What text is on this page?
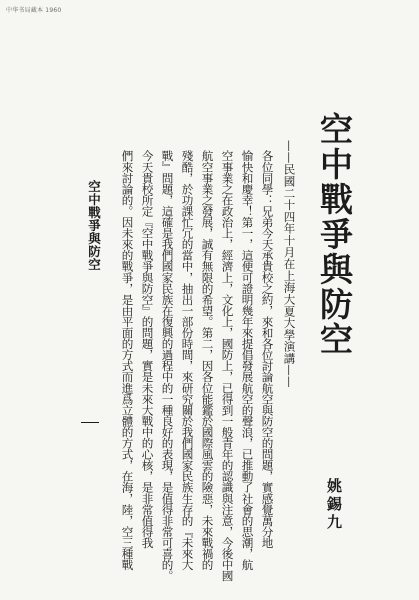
中华书局藏本 1960
空中戰爭與防空
——民國二十四年十月在上海大夏大學演講——
姚錫九
各位同學：兄弟今天承貴校之約，來和各位討論航空與防空的問題，實感覺萬分地
愉快和慶幸！第一，這便可證明幾年來提倡發展航空的聲浪，已推動了社會的思潮，航
空事業之在政治上，經濟上，文化上，國防上，已得到一般青年的認識與注意，今後中國
航空事業之發展，誠有無限的希望。第二，因各位能鑑於國際風雲的險惡，未來戰禍的
殘酷，於功課忙冗的當中，抽出一部份時間，來研究關於我們國家民族生存的『未來大
戰』問題，這確是我們國家民族在復興的過程中的一種良好的表現，是值得非常可喜的。
今天貴校所定『空中戰爭與防空』的問題，實是未來大戰中的心核，是非常值得我
們來討論的。因未來的戰爭，是由平面的方式而進爲立體的方式，在海，陸，空三種戰
空中戰爭與防空
